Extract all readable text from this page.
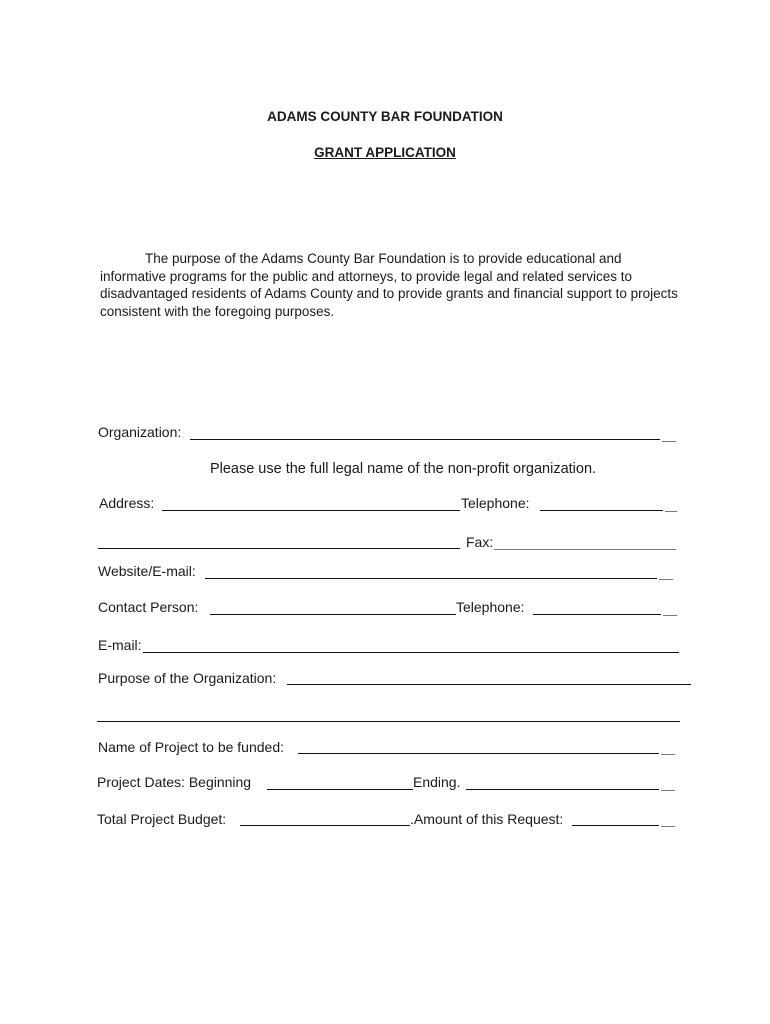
ADAMS COUNTY BAR FOUNDATION
GRANT APPLICATION
The purpose of the Adams County Bar Foundation is to provide educational and informative programs for the public and attorneys, to provide legal and related services to disadvantaged residents of Adams County and to provide grants and financial support to projects consistent with the foregoing purposes.
Organization:
Please use the full legal name of the non-profit organization.
Address:	Telephone:
Fax:
Website/E-mail:
Contact Person:	Telephone:
E-mail:
Purpose of the Organization:
Name of Project to be funded:
Project Dates: Beginning	Ending.
Total Project Budget:	.Amount of this Request:
